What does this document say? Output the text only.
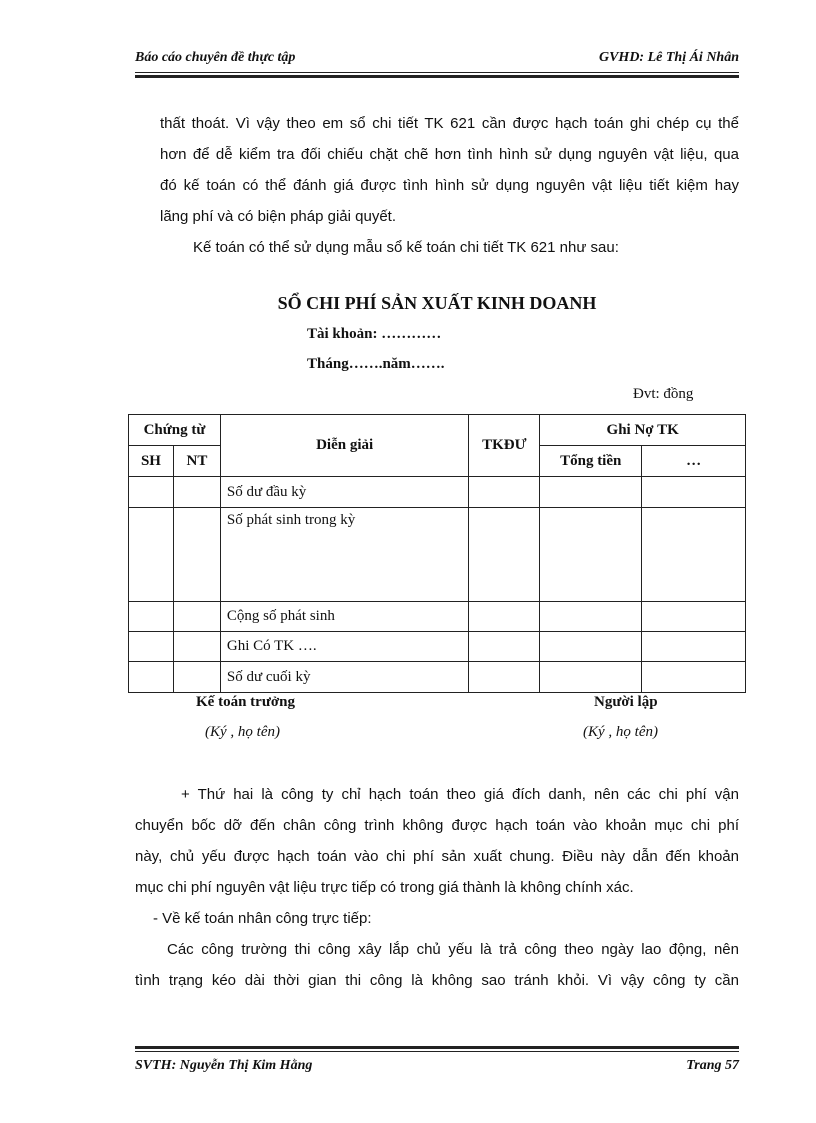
Báo cáo chuyên đề thực tập	GVHD: Lê Thị Ái Nhân
thất thoát. Vì vậy theo em sổ chi tiết TK 621 cần được hạch toán ghi chép cụ thể
hơn để dễ kiểm tra đối chiếu chặt chẽ hơn tình hình sử dụng nguyên vật liệu, qua
đó kế toán có thể đánh giá được tình hình sử dụng nguyên vật liệu tiết kiệm hay
lãng phí và có biện pháp giải quyết.
Kế toán có thể sử dụng mẫu sổ kế toán chi tiết TK 621 như sau:
SỔ CHI PHÍ SẢN XUẤT KINH DOANH
Tài khoản: …………
Tháng…….năm…….
Đvt: đồng
Chứng từ		Diễn giải	TKĐƯ	Ghi Nợ TK	
SH	NT			Tổng tiền	…
		Số dư đầu kỳ			
		Số phát sinh trong kỳ			
		Cộng số phát sinh			
		Ghi Có TK ….			
		Số dư cuối kỳ			
Kế toán trưởng
(Ký , họ tên)
Người lập
(Ký , họ tên)
+ Thứ hai là công ty chỉ hạch toán theo giá đích danh, nên các chi phí vận
chuyển bốc dỡ đến chân công trình không được hạch toán vào khoản mục chi phí
này, chủ yếu được hạch toán vào chi phí sản xuất chung. Điều này dẫn đến khoản
mục chi phí nguyên vật liệu trực tiếp có trong giá thành là không chính xác.
- Về kế toán nhân công trực tiếp:
Các công trường thi công xây lắp chủ yếu là trả công theo ngày lao động, nên
tình trạng kéo dài thời gian thi công là không sao tránh khỏi. Vì vậy công ty cần
SVTH: Nguyễn Thị Kim Hằng	Trang 57
